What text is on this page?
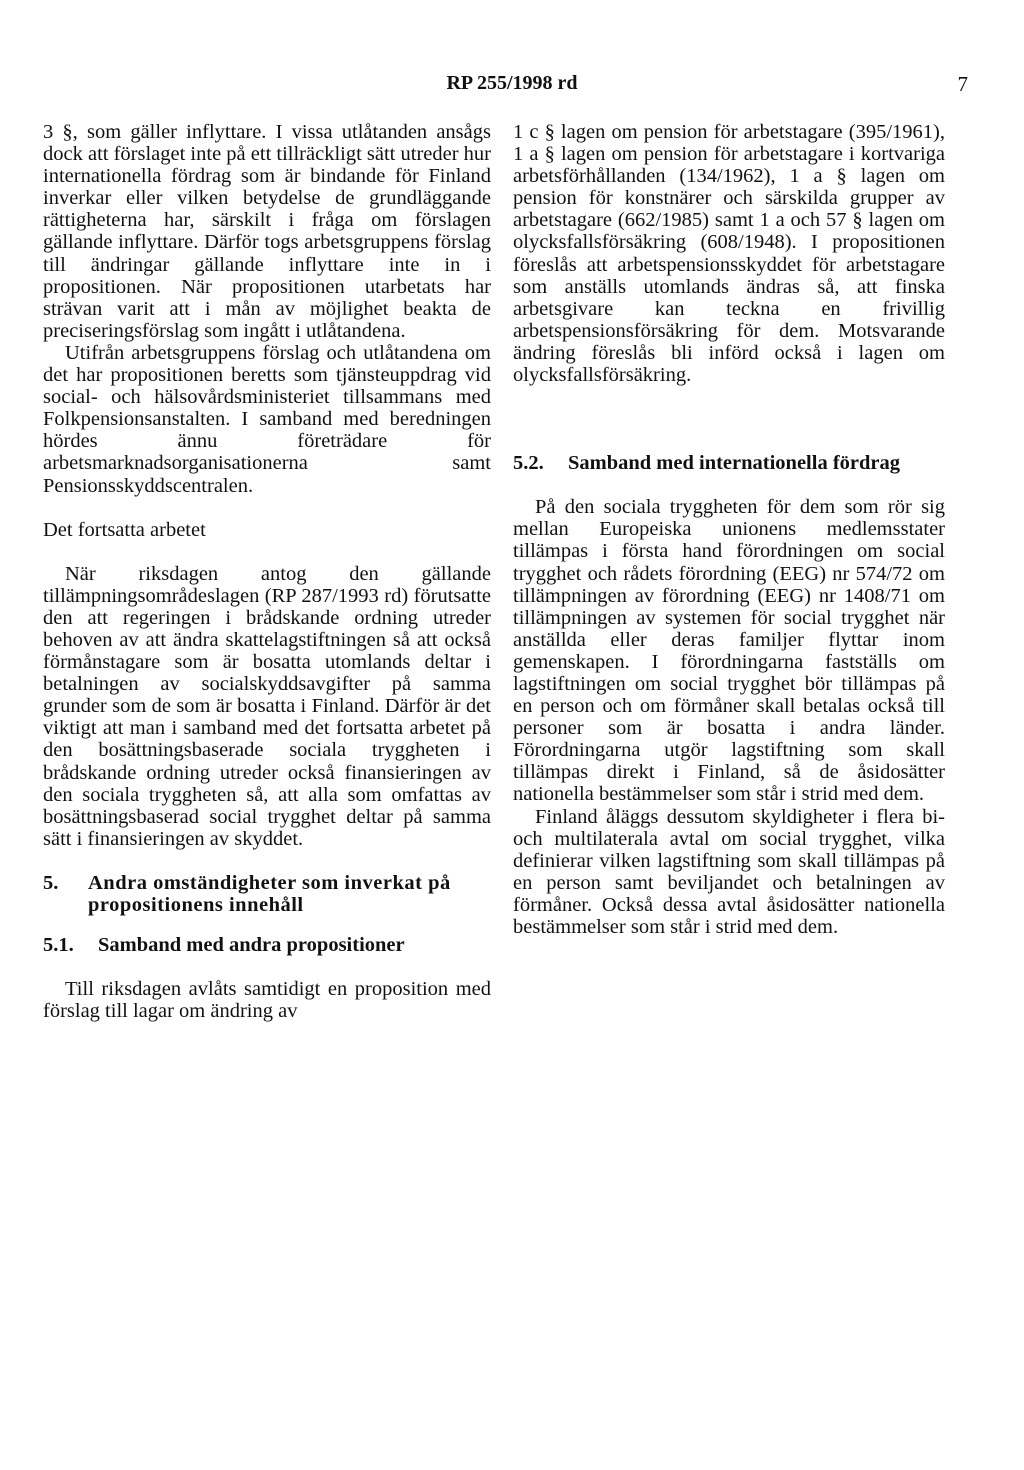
RP 255/1998 rd	7

3 §, som gäller inflyttare. I vissa utlåtanden ansågs dock att förslaget inte på ett tillräckligt sätt utreder hur internationella fördrag som är bindande för Finland inverkar eller vilken betydelse de grundläggande rättigheterna har, särskilt i fråga om förslagen gällande inflyttare. Därför togs arbetsgruppens förslag till ändringar gällande inflyttare inte in i propositionen. När propositionen utarbetats har strävan varit att i mån av möjlighet beakta de preciseringsförslag som ingått i utlåtandena.

Utifrån arbetsgruppens förslag och utlåtandena om det har propositionen beretts som tjänsteuppdrag vid social- och hälsovårdsministeriet tillsammans med Folkpensionsanstalten. I samband med beredningen hördes ännu företrädare för arbetsmarknadsorganisationerna samt Pensionsskyddscentralen.

Det fortsatta arbetet

När riksdagen antog den gällande tillämpningsområdeslagen (RP 287/1993 rd) förutsatte den att regeringen i brådskande ordning utreder behoven av att ändra skattelagstiftningen så att också förmånstagare som är bosatta utomlands deltar i betalningen av socialskyddsavgifter på samma grunder som de som är bosatta i Finland. Därför är det viktigt att man i samband med det fortsatta arbetet på den bosättningsbaserade sociala tryggheten i brådskande ordning utreder också finansieringen av den sociala tryggheten så, att alla som omfattas av bosättningsbaserad social trygghet deltar på samma sätt i finansieringen av skyddet.

5.	Andra omständigheter som inverkat på propositionens innehåll
5.1.	Samband med andra propositioner

Till riksdagen avlåts samtidigt en proposition med förslag till lagar om ändring av

1 c § lagen om pension för arbetstagare (395/1961), 1 a § lagen om pension för arbetstagare i kortvariga arbetsförhållanden (134/1962), 1 a § lagen om pension för konstnärer och särskilda grupper av arbetstagare (662/1985) samt 1 a och 57 § lagen om olycksfallsförsäkring (608/1948). I propositionen föreslås att arbetspensionsskyddet för arbetstagare som anställs utomlands ändras så, att finska arbetsgivare kan teckna en frivillig arbetspensionsförsäkring för dem. Motsvarande ändring föreslås bli införd också i lagen om olycksfallsförsäkring.

5.2.	Samband med internationella fördrag

På den sociala tryggheten för dem som rör sig mellan Europeiska unionens medlemsstater tillämpas i första hand förordningen om social trygghet och rådets förordning (EEG) nr 574/72 om tillämpningen av förordning (EEG) nr 1408/71 om tillämpningen av systemen för social trygghet när anställda eller deras familjer flyttar inom gemenskapen. I förordningarna fastställs om lagstiftningen om social trygghet bör tillämpas på en person och om förmåner skall betalas också till personer som är bosatta i andra länder. Förordningarna utgör lagstiftning som skall tillämpas direkt i Finland, så de åsidosätter nationella bestämmelser som står i strid med dem.

Finland åläggs dessutom skyldigheter i flera bi- och multilaterala avtal om social trygghet, vilka definierar vilken lagstiftning som skall tillämpas på en person samt beviljandet och betalningen av förmåner. Också dessa avtal åsidosätter nationella bestämmelser som står i strid med dem.
